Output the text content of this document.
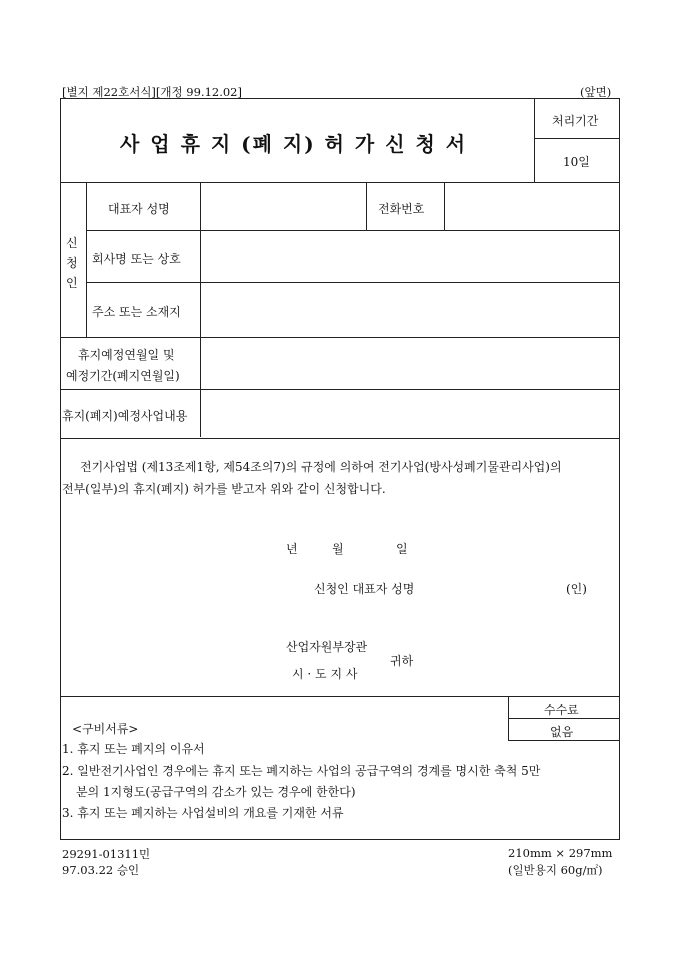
[별지 제22호서식][개정 99.12.02]	(앞면)
사 업 휴 지 (폐 지) 허 가 신 청 서
처리기간
10일
신
청
인
대표자 성명	전화번호
회사명 또는 상호
주소 또는 소재지
휴지예정연월일 및
예정기간(폐지연월일)
휴지(폐지)예정사업내용
전기사업법 (제13조제1항, 제54조의7)의 규정에 의하여 전기사업(방사성폐기물관리사업)의
전부(일부)의 휴지(폐지) 허가를 받고자 위와 같이 신청합니다.
년	월	일
신청인 대표자 성명	(인)
산업자원부장관
시 · 도 지 사
귀하
수수료
없음
<구비서류>
1. 휴지 또는 폐지의 이유서
2. 일반전기사업인 경우에는 휴지 또는 폐지하는 사업의 공급구역의 경계를 명시한 축척 5만
분의 1지형도(공급구역의 감소가 있는 경우에 한한다)
3. 휴지 또는 폐지하는 사업설비의 개요를 기재한 서류
29291-01311민
97.03.22 승인
210mm × 297mm
(일반용지 60g/㎡)
